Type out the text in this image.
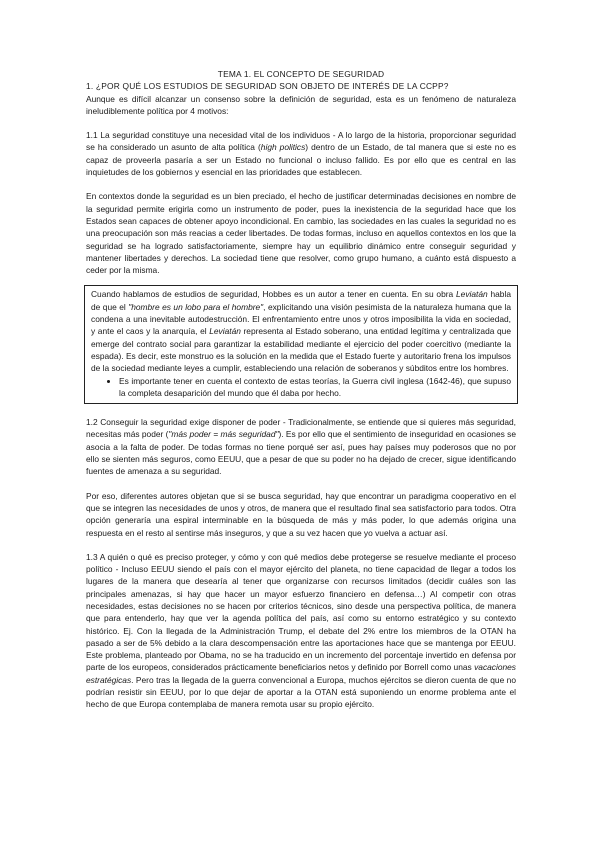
TEMA 1. EL CONCEPTO DE SEGURIDAD
1. ¿POR QUÉ LOS ESTUDIOS DE SEGURIDAD SON OBJETO DE INTERÉS DE LA CCPP?

Aunque es difícil alcanzar un consenso sobre la definición de seguridad, esta es un fenómeno de naturaleza ineludiblemente política por 4 motivos:

1.1 La seguridad constituye una necesidad vital de los individuos - A lo largo de la historia, proporcionar seguridad se ha considerado un asunto de alta política (high politics) dentro de un Estado, de tal manera que si este no es capaz de proveerla pasaría a ser un Estado no funcional o incluso fallido. Es por ello que es central en las inquietudes de los gobiernos y esencial en las prioridades que establecen.

En contextos donde la seguridad es un bien preciado, el hecho de justificar determinadas decisiones en nombre de la seguridad permite erigirla como un instrumento de poder, pues la inexistencia de la seguridad hace que los Estados sean capaces de obtener apoyo incondicional. En cambio, las sociedades en las cuales la seguridad no es una preocupación son más reacias a ceder libertades. De todas formas, incluso en aquellos contextos en los que la seguridad se ha logrado satisfactoriamente, siempre hay un equilibrio dinámico entre conseguir seguridad y mantener libertades y derechos. La sociedad tiene que resolver, como grupo humano, a cuánto está dispuesto a ceder por la misma.

Cuando hablamos de estudios de seguridad, Hobbes es un autor a tener en cuenta. En su obra Leviatán habla de que el "hombre es un lobo para el hombre", explicitando una visión pesimista de la naturaleza humana que la condena a una inevitable autodestrucción. El enfrentamiento entre unos y otros imposibilita la vida en sociedad, y ante el caos y la anarquía, el Leviatán representa al Estado soberano, una entidad legítima y centralizada que emerge del contrato social para garantizar la estabilidad mediante el ejercicio del poder coercitivo (mediante la espada). Es decir, este monstruo es la solución en la medida que el Estado fuerte y autoritario frena los impulsos de la sociedad mediante leyes a cumplir, estableciendo una relación de soberanos y súbditos entre los hombres.

• Es importante tener en cuenta el contexto de estas teorías, la Guerra civil inglesa (1642-46), que supuso la completa desaparición del mundo que él daba por hecho.

1.2 Conseguir la seguridad exige disponer de poder - Tradicionalmente, se entiende que si quieres más seguridad, necesitas más poder ("más poder = más seguridad"). Es por ello que el sentimiento de inseguridad en ocasiones se asocia a la falta de poder. De todas formas no tiene porqué ser así, pues hay países muy poderosos que no por ello se sienten más seguros, como EEUU, que a pesar de que su poder no ha dejado de crecer, sigue identificando fuentes de amenaza a su seguridad.

Por eso, diferentes autores objetan que si se busca seguridad, hay que encontrar un paradigma cooperativo en el que se integren las necesidades de unos y otros, de manera que el resultado final sea satisfactorio para todos. Otra opción generaría una espiral interminable en la búsqueda de más y más poder, lo que además origina una respuesta en el resto al sentirse más inseguros, y que a su vez hacen que yo vuelva a actuar así.

1.3 A quién o qué es preciso proteger, y cómo y con qué medios debe protegerse se resuelve mediante el proceso político - Incluso EEUU siendo el país con el mayor ejército del planeta, no tiene capacidad de llegar a todos los lugares de la manera que desearía al tener que organizarse con recursos limitados (decidir cuáles son las principales amenazas, si hay que hacer un mayor esfuerzo financiero en defensa…) Al competir con otras necesidades, estas decisiones no se hacen por criterios técnicos, sino desde una perspectiva política, de manera que para entenderlo, hay que ver la agenda política del país, así como su entorno estratégico y su contexto histórico. Ej. Con la llegada de la Administración Trump, el debate del 2% entre los miembros de la OTAN ha pasado a ser de 5% debido a la clara descompensación entre las aportaciones hace que se mantenga por EEUU. Este problema, planteado por Obama, no se ha traducido en un incremento del porcentaje invertido en defensa por parte de los europeos, considerados prácticamente beneficiarios netos y definido por Borrell como unas vacaciones estratégicas. Pero tras la llegada de la guerra convencional a Europa, muchos ejércitos se dieron cuenta de que no podrían resistir sin EEUU, por lo que dejar de aportar a la OTAN está suponiendo un enorme problema ante el hecho de que Europa contemplaba de manera remota usar su propio ejército.
